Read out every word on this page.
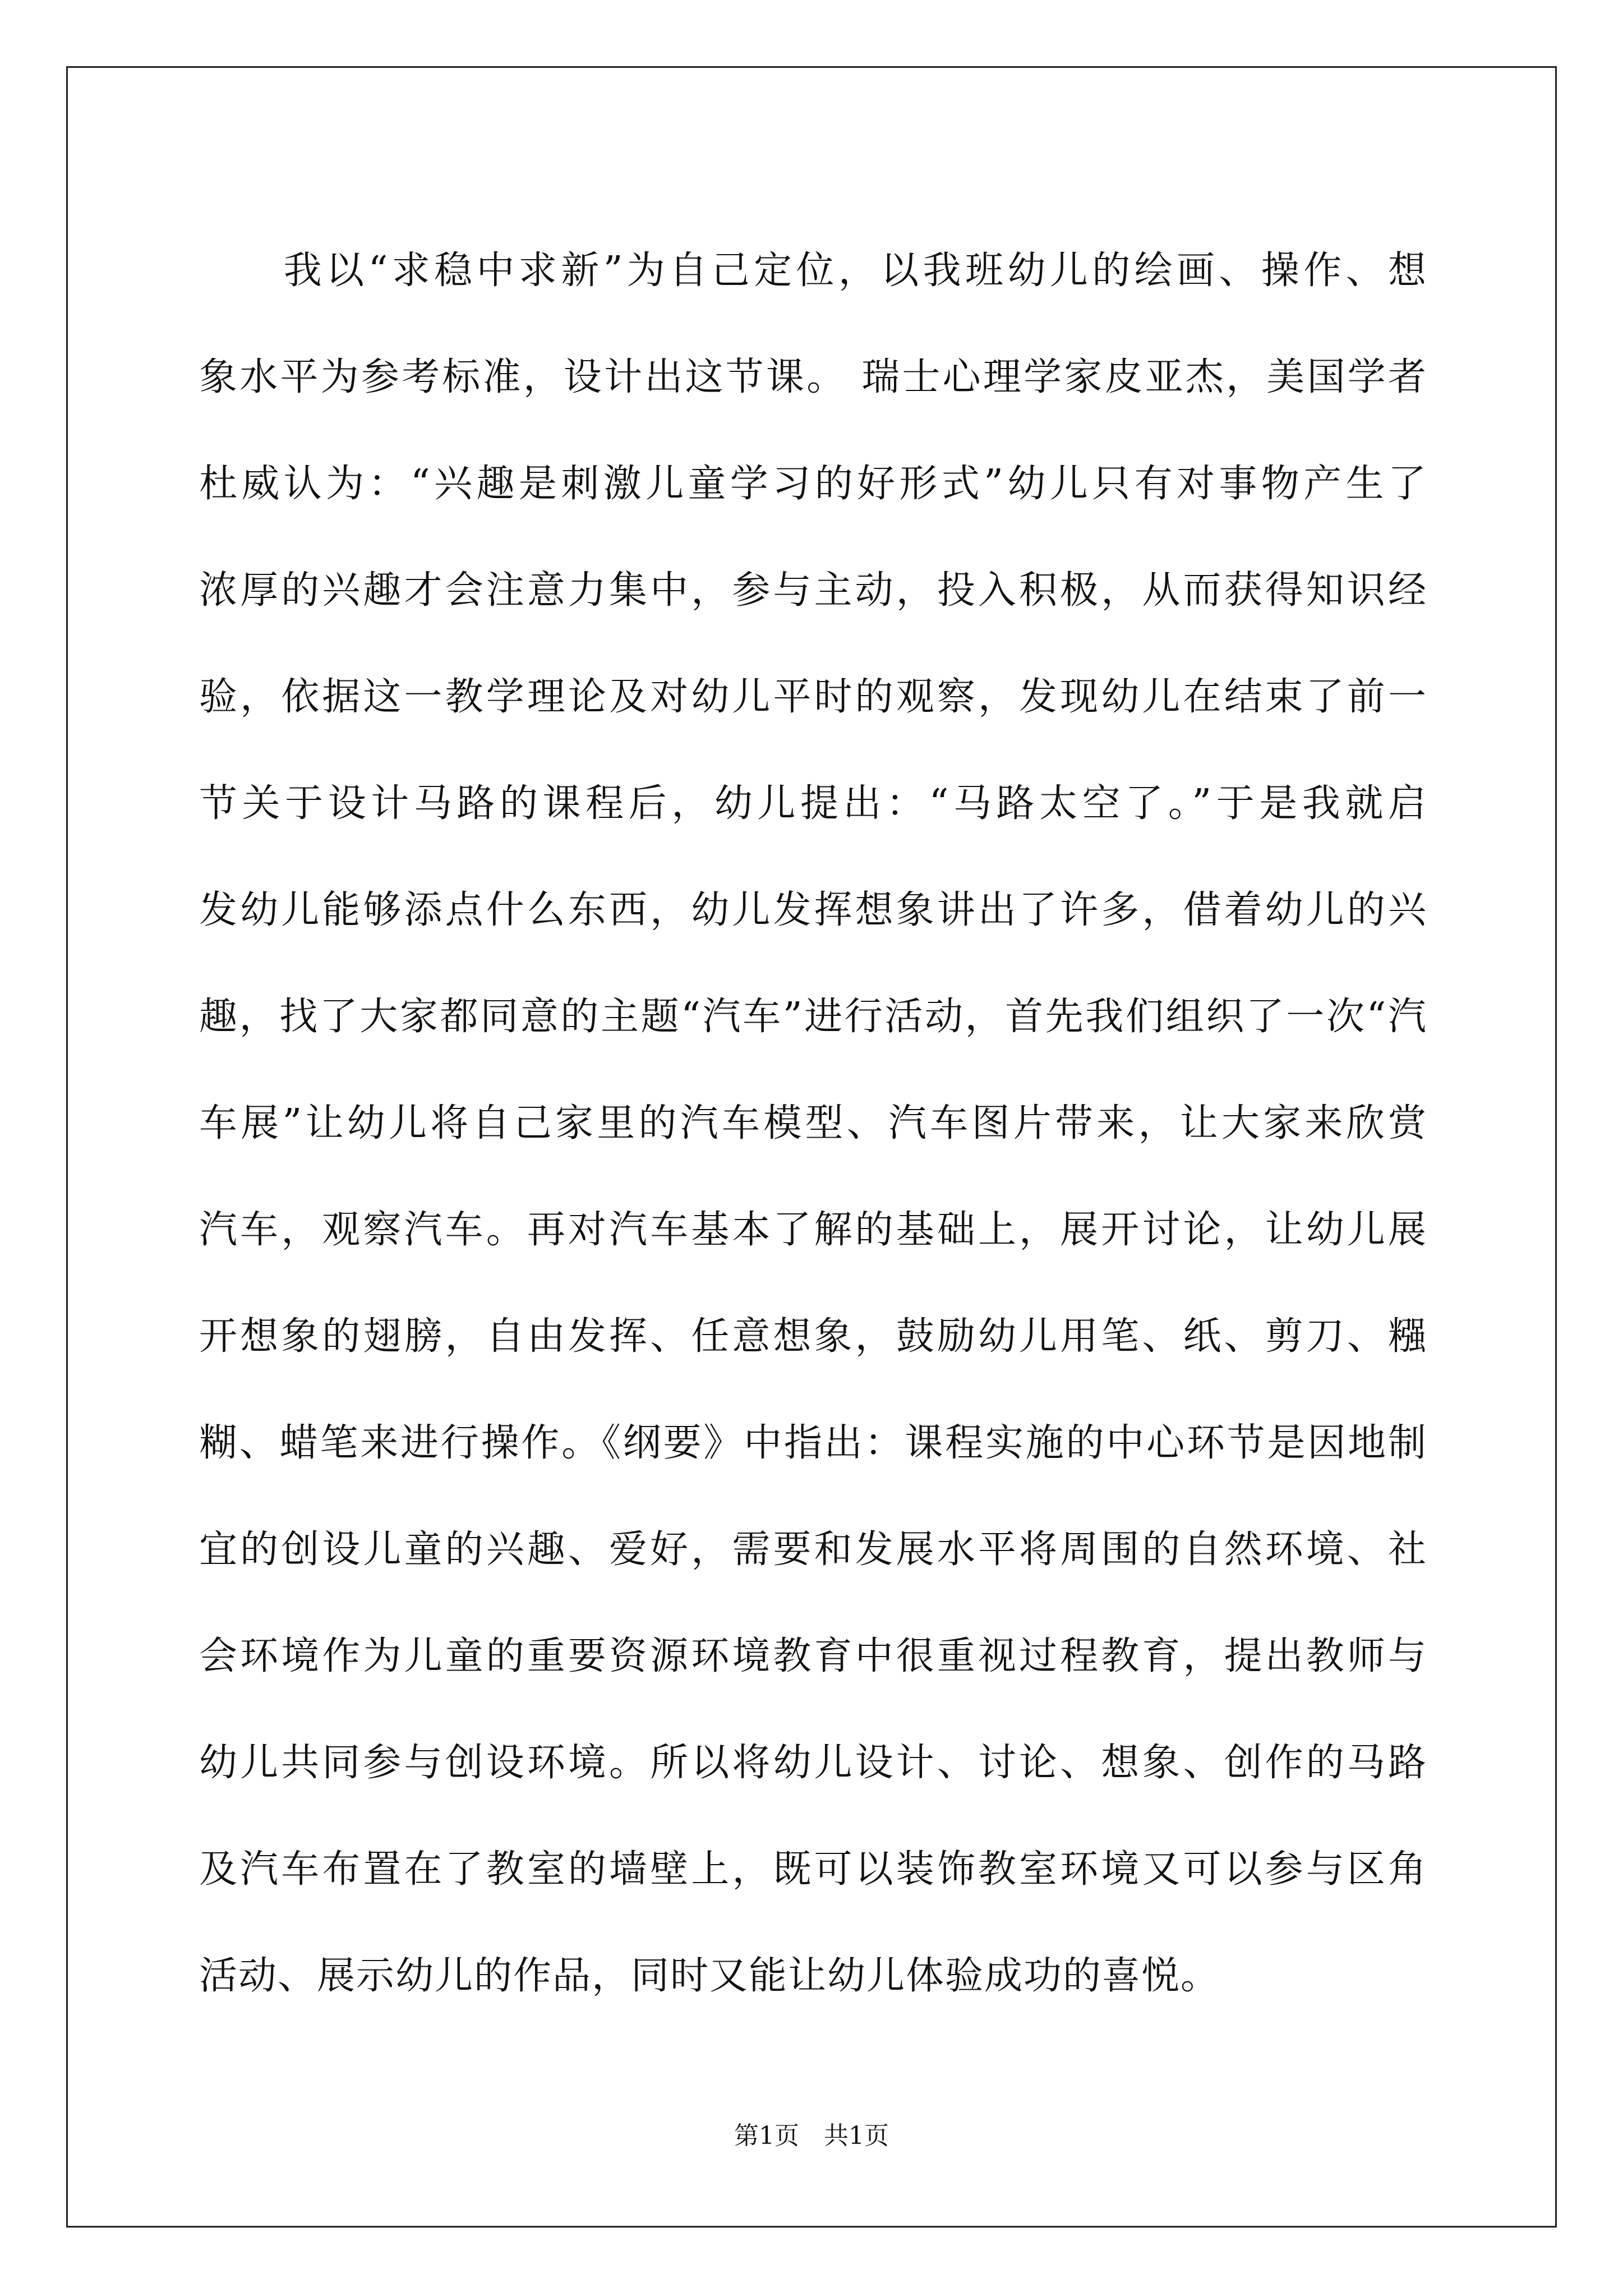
　　我以“求稳中求新”为自己定位，以我班幼儿的绘画、操作、想
象水平为参考标准，设计出这节课。 瑞士心理学家皮亚杰，美国学者
杜威认为：“兴趣是刺激儿童学习的好形式”幼儿只有对事物产生了
浓厚的兴趣才会注意力集中，参与主动，投入积极，从而获得知识经
验，依据这一教学理论及对幼儿平时的观察，发现幼儿在结束了前一
节关于设计马路的课程后，幼儿提出：“马路太空了。”于是我就启
发幼儿能够添点什么东西，幼儿发挥想象讲出了许多，借着幼儿的兴
趣，找了大家都同意的主题“汽车”进行活动，首先我们组织了一次“汽
车展”让幼儿将自己家里的汽车模型、汽车图片带来，让大家来欣赏
汽车，观察汽车。再对汽车基本了解的基础上，展开讨论，让幼儿展
开想象的翅膀，自由发挥、任意想象，鼓励幼儿用笔、纸、剪刀、糨
糊、蜡笔来进行操作。《纲要》中指出：课程实施的中心环节是因地制
宜的创设儿童的兴趣、爱好，需要和发展水平将周围的自然环境、社
会环境作为儿童的重要资源环境教育中很重视过程教育，提出教师与
幼儿共同参与创设环境。所以将幼儿设计、讨论、想象、创作的马路
及汽车布置在了教室的墙壁上，既可以装饰教室环境又可以参与区角
活动、展示幼儿的作品，同时又能让幼儿体验成功的喜悦。
第1页　共1页
